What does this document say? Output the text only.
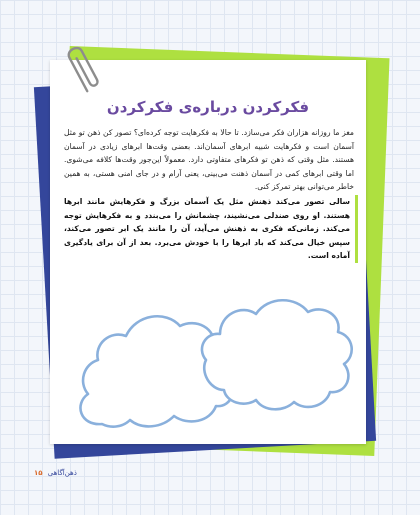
فکرکردن درباره‌ی فکرکردن

مغز ما روزانه هزاران فکر می‌سازد. تا حالا به فکرهایت توجه کرده‌ای؟ تصور کن ذهن تو مثل آسمان است و فکرهایت شبیه ابرهای آسمان‌اند. بعضی وقت‌ها ابرهای زیادی در آسمان هستند. مثل وقتی که ذهن تو فکرهای متفاوتی دارد. معمولاً این‌جور وقت‌ها کلافه می‌شوی. اما وقتی ابرهای کمی در آسمان ذهنت می‌بینی، یعنی آرام و در جای امنی هستی، به همین خاطر می‌توانی بهتر تمرکز کنی.

سالی تصور می‌کند ذهنش مثل یک آسمان بزرگ و فکرهایش مانند ابرها هستند. او روی صندلی می‌نشیند، چشمانش را می‌بندد و به فکرهایش توجه می‌کند. زمانی‌که فکری به ذهنش می‌آید، آن را مانند یک ابر تصور می‌کند، سپس خیال می‌کند که باد ابرها را با خودش می‌برد. بعد از آن برای یادگیری آماده است.
ذهن‌آگاهی ۱۵
